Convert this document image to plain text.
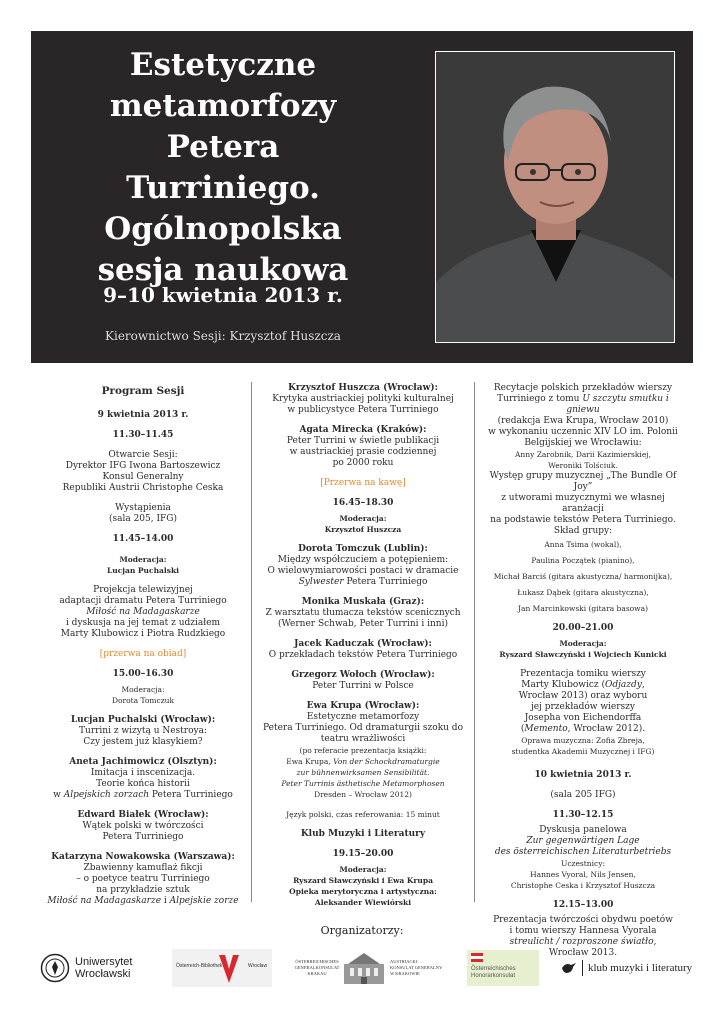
Estetyczne
metamorfozy
Petera Turriniego.
Ogólnopolska
sesja naukowa
9–10 kwietnia 2013 r.
Kierownictwo Sesji: Krzysztof Huszcza
Program Sesji
9 kwietnia 2013 r.
11.30–11.45
Otwarcie Sesji:
Dyrektor IFG Iwona Bartoszewicz
Konsul Generalny
Republiki Austrii Christophe Ceska
Wystąpienia
(sala 205, IFG)
11.45–14.00
Moderacja:
Lucjan Puchalski
Projekcja telewizyjnej
adaptacji dramatu Petera Turriniego
Miłość na Madagaskarze
i dyskusja na jej temat z udziałem
Marty Klubowicz i Piotra Rudzkiego
[przerwa na obiad]
15.00–16.30
Moderacja:
Dorota Tomczuk
Lucjan Puchalski (Wrocław):
Turrini z wizytą u Nestroya:
Czy jestem już klasykiem?
Aneta Jachimowicz (Olsztyn):
Imitacja i inscenizacja.
Teorie końca historii
w Alpejskich zorzach Petera Turriniego
Edward Białek (Wrocław):
Wątek polski w twórczości
Petera Turriniego
Katarzyna Nowakowska (Warszawa):
Zbawienny kamuflaż fikcji
– o poetyce teatru Turriniego
na przykładzie sztuk
Miłość na Madagaskarze i Alpejskie zorze
Krzysztof Huszcza (Wrocław):
Krytyka austriackiej polityki kulturalnej
w publicystyce Petera Turriniego
Agata Mirecka (Kraków):
Peter Turrini w świetle publikacji
w austriackiej prasie codziennej
po 2000 roku
[Przerwa na kawę]
16.45–18.30
Moderacja:
Krzysztof Huszcza
Dorota Tomczuk (Lublin):
Między współczuciem a potępieniem:
O wielowymiarowości postaci w dramacie
Sylwester Petera Turriniego
Monika Muskała (Graz):
Z warsztatu tłumacza tekstów scenicznych
(Werner Schwab, Peter Turrini i inni)
Jacek Kaduczak (Wrocław):
O przekładach tekstów Petera Turriniego
Grzegorz Wołoch (Wrocław):
Peter Turrini w Polsce
Ewa Krupa (Wrocław):
Estetyczne metamorfozy
Petera Turriniego. Od dramaturgii szoku do
teatru wrażliwości
(po referacie prezentacja książki:
Ewa Krupa, Von der Schockdramaturgie
zur bühnenwirksamen Sensibilität.
Peter Turrinis ästhetische Metamorphosen
Dresden – Wrocław 2012)
Język polski, czas referowania: 15 minut
Klub Muzyki i Literatury
19.15–20.00
Moderacja:
Ryszard Sławczyński i Ewa Krupa
Opieka merytoryczna i artystyczna:
Aleksander Wiewiórski
Recytacje polskich przekładów wierszy
Turriniego z tomu U szczytu smutku i gniewu
(redakcja Ewa Krupa, Wrocław 2010)
w wykonaniu uczennic XIV LO im. Polonii
Belgijskiej we Wrocławiu:
Anny Zarobnik, Darii Kazimierskiej,
Weroniki Tolściuk.
Występ grupy muzycznej „The Bundle Of Joy”
z utworami muzycznymi we własnej aranżacji
na podstawie tekstów Petera Turriniego.
Skład grupy:
Anna Tsima (wokal),
Paulina Początek (pianino),
Michał Barciś (gitara akustyczna/ harmonijka),
Łukasz Dąbek (gitara akustyczna),
Jan Marcinkowski (gitara basowa)
20.00–21.00
Moderacja:
Ryszard Sławczyński i Wojciech Kunicki
Prezentacja tomiku wierszy
Marty Klubowicz (Odjazdy,
Wrocław 2013) oraz wyboru
jej przekładów wierszy
Josepha von Eichendorffa
(Memento, Wrocław 2012).
Oprawa muzyczna: Zofia Zbreja,
studentka Akademii Muzycznej i IFG)
10 kwietnia 2013 r.
(sala 205 IFG)
11.30–12.15
Dyskusja panelowa
Zur gegenwärtigen Lage
des österreichischen Literaturbetriebs
Uczestnicy:
Hannes Vyoral, Nils Jensen,
Christophe Ceska i Krzysztof Huszcza
12.15–13.00
Prezentacja twórczości obydwu poetów
i tomu wierszy Hannesa Vyorala
streulicht / rozproszone światło,
Wrocław 2013.
Organizatorzy:
Uniwersytet
Wrocławski
Österreich-Bibliothek	Wrocław
ÖSTERREICHISCHES
GENERALKONSULAT
KRAKAU
AUSTRIACKI
KONSULAT GENERALNY
W KRAKOWIE
Österreichisches
Honorarkonsulat
klub muzyki i literatury
